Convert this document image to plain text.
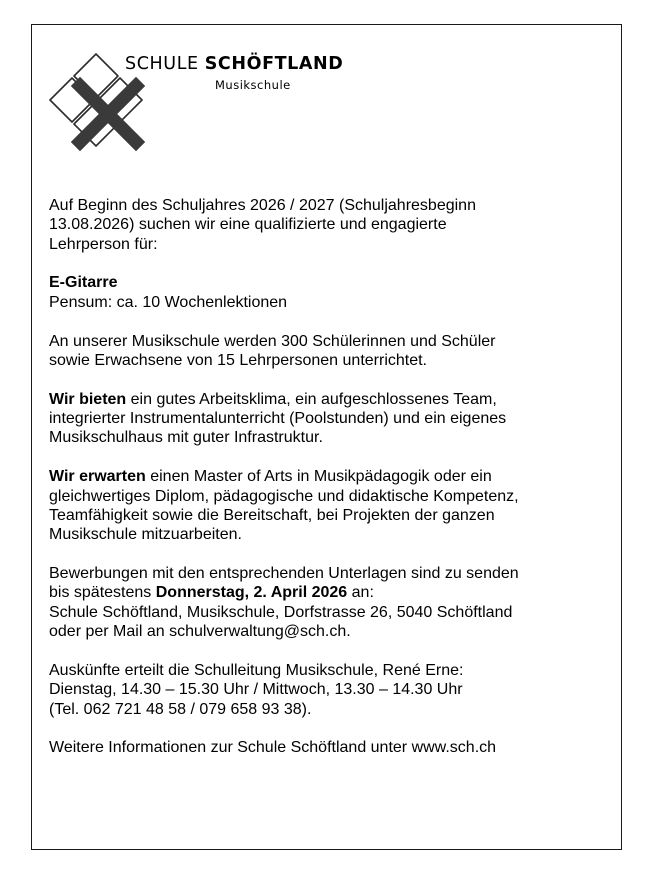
SCHULE SCHÖFTLAND
Musikschule

Auf Beginn des Schuljahres 2026 / 2027 (Schuljahresbeginn
13.08.2026) suchen wir eine qualifizierte und engagierte
Lehrperson für:

E-Gitarre
Pensum: ca. 10 Wochenlektionen

An unserer Musikschule werden 300 Schülerinnen und Schüler
sowie Erwachsene von 15 Lehrpersonen unterrichtet.

Wir bieten ein gutes Arbeitsklima, ein aufgeschlossenes Team,
integrierter Instrumentalunterricht (Poolstunden) und ein eigenes
Musikschulhaus mit guter Infrastruktur.

Wir erwarten einen Master of Arts in Musikpädagogik oder ein
gleichwertiges Diplom, pädagogische und didaktische Kompetenz,
Teamfähigkeit sowie die Bereitschaft, bei Projekten der ganzen
Musikschule mitzuarbeiten.

Bewerbungen mit den entsprechenden Unterlagen sind zu senden
bis spätestens Donnerstag, 2. April 2026 an:
Schule Schöftland, Musikschule, Dorfstrasse 26, 5040 Schöftland
oder per Mail an schulverwaltung@sch.ch.

Auskünfte erteilt die Schulleitung Musikschule, René Erne:
Dienstag, 14.30 – 15.30 Uhr / Mittwoch, 13.30 – 14.30 Uhr
(Tel. 062 721 48 58 / 079 658 93 38).

Weitere Informationen zur Schule Schöftland unter www.sch.ch
